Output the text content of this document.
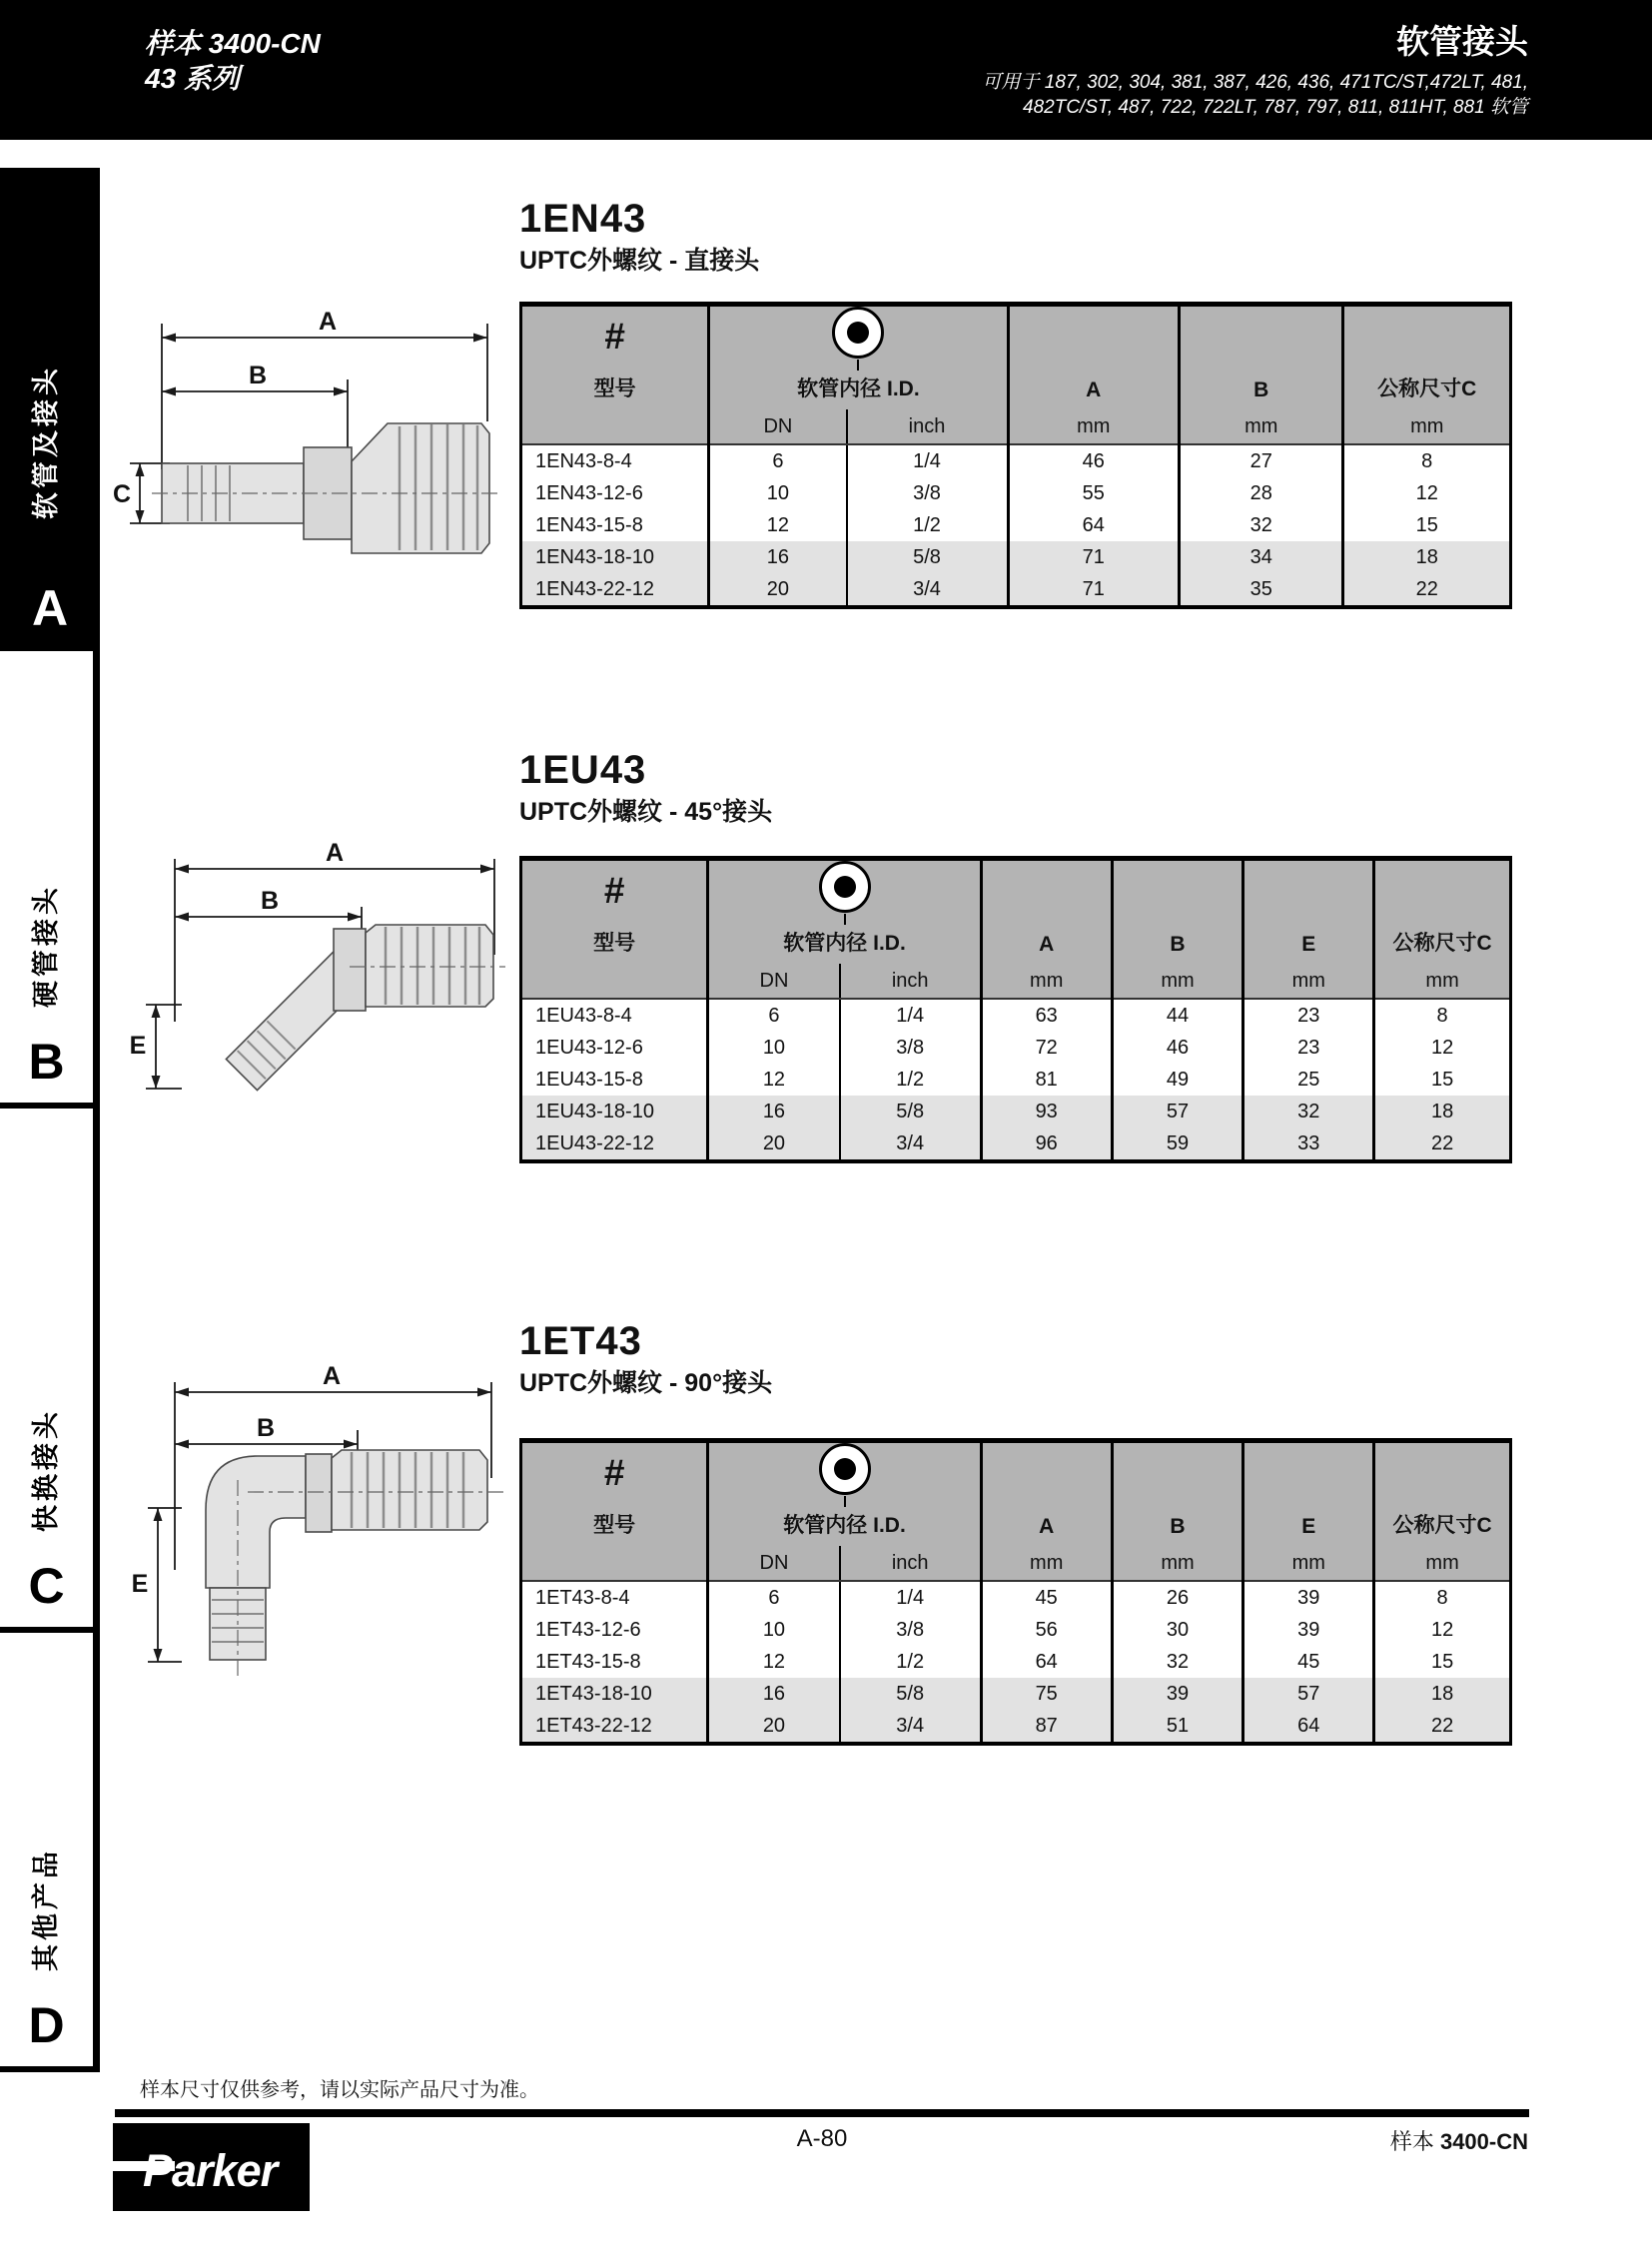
样本 3400-CN
43 系列
软管接头
可用于 187, 302, 304, 381, 387, 426, 436, 471TC/ST,472LT, 481,
482TC/ST, 487, 722, 722LT, 787, 797, 811, 811HT, 881 软管
软管及接头
A
硬管接头
B
快换接头
C
其他产品
D
A
B
C
A
B
E
A
B
E
1EN43
UPTC外螺纹 - 直接头
#
型号	软管内径 I.D.		A	B	公称尺寸C

	DN	inch	mm	mm	mm
1EN43-8-4	6	1/4	46	27	8
1EN43-12-6	10	3/8	55	28	12
1EN43-15-8	12	1/2	64	32	15
1EN43-18-10	16	5/8	71	34	18
1EN43-22-12	20	3/4	71	35	22
1EU43
UPTC外螺纹 - 45°接头
#
型号	软管内径 I.D.		A	B	E	公称尺寸C

	DN	inch	mm	mm	mm	mm
1EU43-8-4	6	1/4	63	44	23	8
1EU43-12-6	10	3/8	72	46	23	12
1EU43-15-8	12	1/2	81	49	25	15
1EU43-18-10	16	5/8	93	57	32	18
1EU43-22-12	20	3/4	96	59	33	22
1ET43
UPTC外螺纹 - 90°接头
#
型号	软管内径 I.D.		A	B	E	公称尺寸C

	DN	inch	mm	mm	mm	mm
1ET43-8-4	6	1/4	45	26	39	8
1ET43-12-6	10	3/8	56	30	39	12
1ET43-15-8	12	1/2	64	32	45	15
1ET43-18-10	16	5/8	75	39	57	18
1ET43-22-12	20	3/4	87	51	64	22
样本尺寸仅供参考，请以实际产品尺寸为准。
A-80	样本 3400-CN
Parker
